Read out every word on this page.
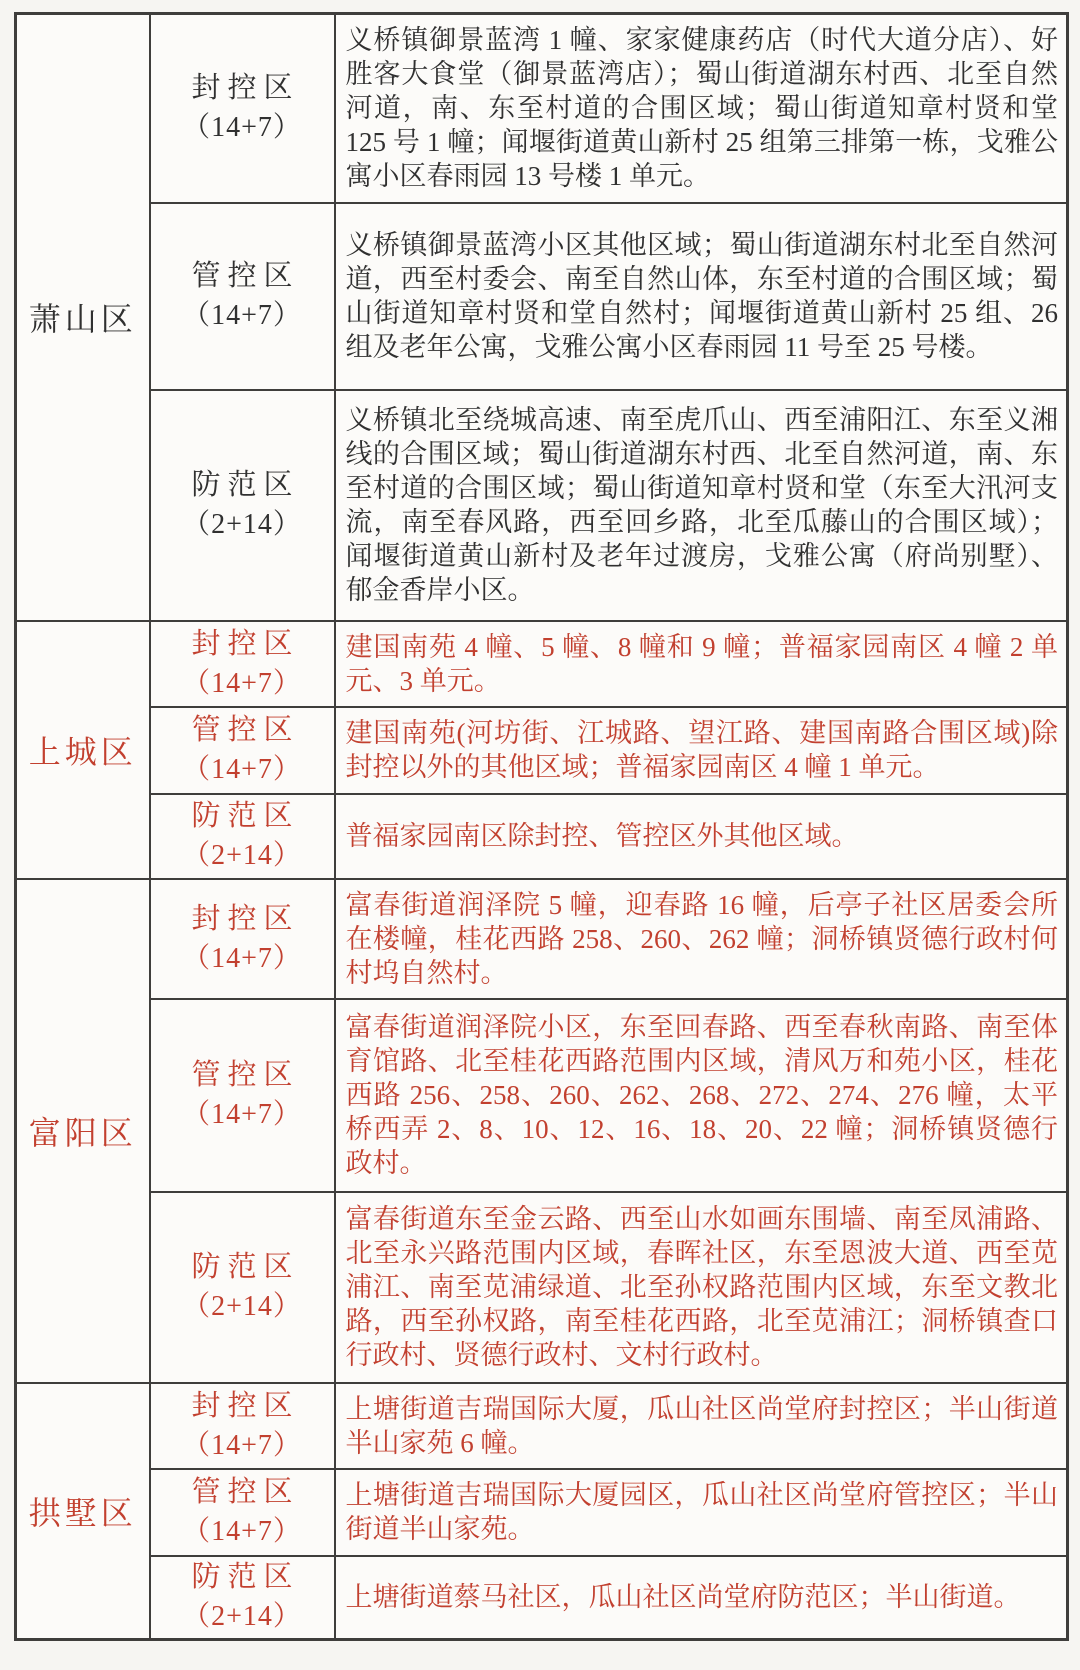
萧山区	封控区
（14+7）	义桥镇御景蓝湾 1 幢、家家健康药店（时代大道分店）、好胜客大食堂（御景蓝湾店）；蜀山街道湖东村西、北至自然河道，南、东至村道的合围区域；蜀山街道知章村贤和堂 125 号 1 幢；闻堰街道黄山新村 25 组第三排第一栋，戈雅公寓小区春雨园 13 号楼 1 单元。

	管控区
（14+7）	义桥镇御景蓝湾小区其他区域；蜀山街道湖东村北至自然河道，西至村委会、南至自然山体，东至村道的合围区域；蜀山街道知章村贤和堂自然村；闻堰街道黄山新村 25 组、26 组及老年公寓，戈雅公寓小区春雨园 11 号至 25 号楼。

	防范区
（2+14）	义桥镇北至绕城高速、南至虎爪山、西至浦阳江、东至义湘线的合围区域；蜀山街道湖东村西、北至自然河道，南、东至村道的合围区域；蜀山街道知章村贤和堂（东至大汛河支流，南至春风路，西至回乡路，北至瓜藤山的合围区域）；闻堰街道黄山新村及老年过渡房，戈雅公寓（府尚别墅）、郁金香岸小区。
上城区	封控区
（14+7）	建国南苑 4 幢、5 幢、8 幢和 9 幢；普福家园南区 4 幢 2 单元、3 单元。

	管控区
（14+7）	建国南苑(河坊街、江城路、望江路、建国南路合围区域)除封控以外的其他区域；普福家园南区 4 幢 1 单元。

	防范区
（2+14）	普福家园南区除封控、管控区外其他区域。
富阳区	封控区
（14+7）	富春街道润泽院 5 幢，迎春路 16 幢，后亭子社区居委会所在楼幢，桂花西路 258、260、262 幢；洞桥镇贤德行政村何村坞自然村。

	管控区
（14+7）	富春街道润泽院小区，东至回春路、西至春秋南路、南至体育馆路、北至桂花西路范围内区域，清风万和苑小区，桂花西路 256、258、260、262、268、272、274、276 幢，太平桥西弄 2、8、10、12、16、18、20、22 幢；洞桥镇贤德行政村。

	防范区
（2+14）	富春街道东至金云路、西至山水如画东围墙、南至凤浦路、北至永兴路范围内区域，春晖社区，东至恩波大道、西至苋浦江、南至苋浦绿道、北至孙权路范围内区域，东至文教北路，西至孙权路，南至桂花西路，北至苋浦江；洞桥镇查口行政村、贤德行政村、文村行政村。
拱墅区	封控区
（14+7）	上塘街道吉瑞国际大厦，瓜山社区尚堂府封控区；半山街道半山家苑 6 幢。

	管控区
（14+7）	上塘街道吉瑞国际大厦园区，瓜山社区尚堂府管控区；半山街道半山家苑。

	防范区
（2+14）	上塘街道蔡马社区，瓜山社区尚堂府防范区；半山街道。
